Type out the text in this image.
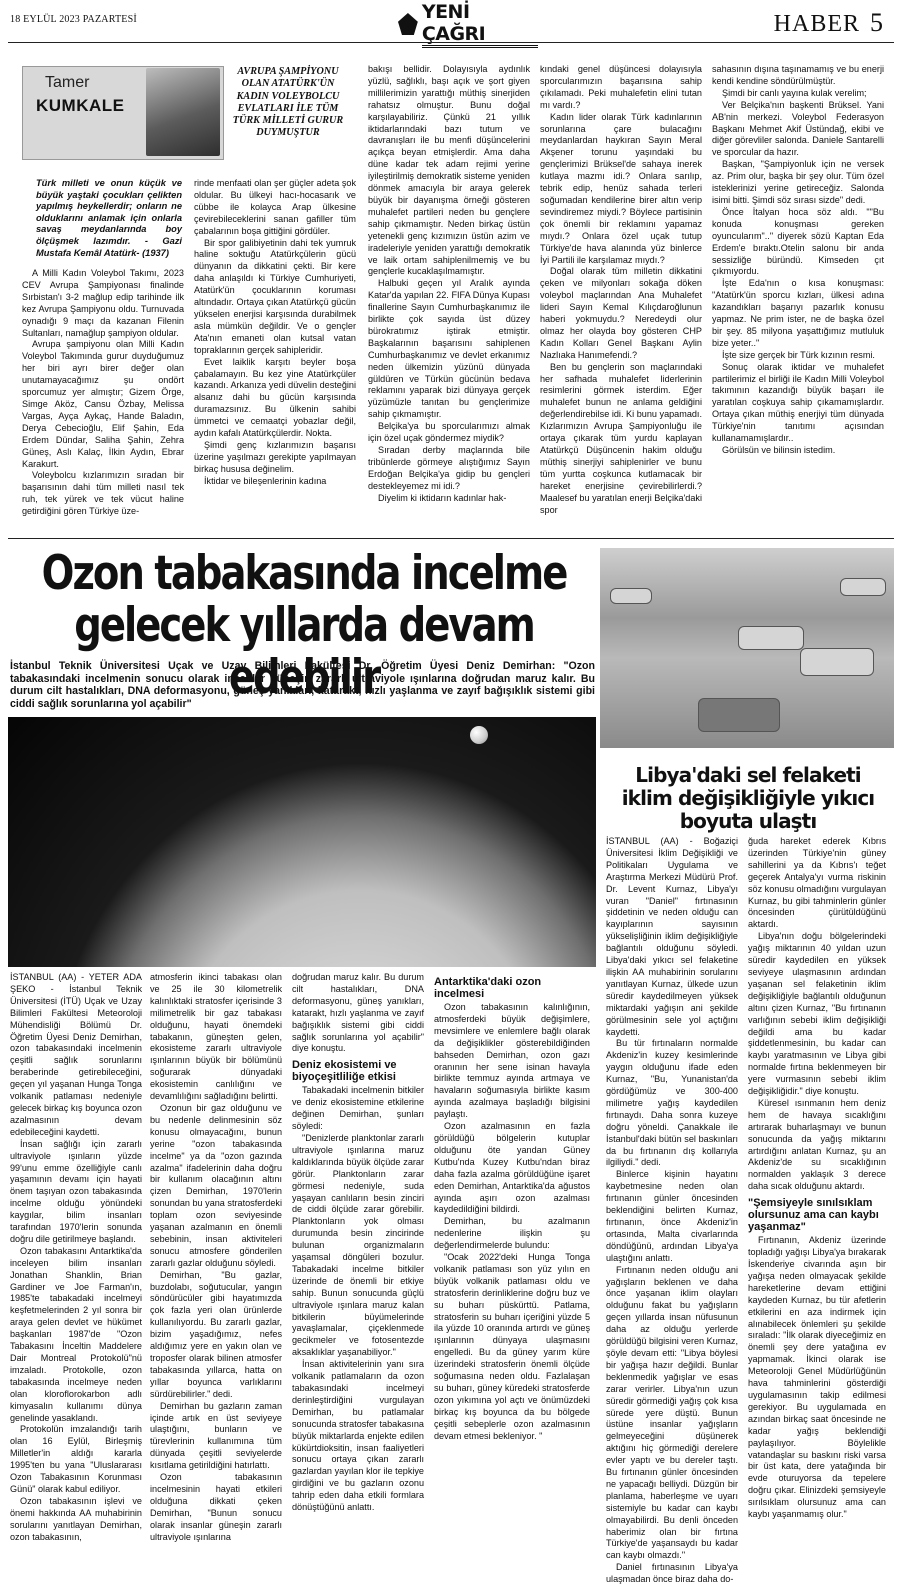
18 EYLÜL 2023 PAZARTESİ	YENİ ÇAĞRI	HABER 5
Tamer
KUMKALE
AVRUPA ŞAMPİYONU OLAN ATATÜRK'ÜN KADIN VOLEYBOLCU EVLATLARI İLE TÜM TÜRK MİLLETİ GURUR DUYMUŞTUR
Türk milleti ve onun küçük ve büyük yaştaki çocukları çelikten yapılmış heykellerdir; onların ne olduklarını anlamak için onlarla savaş meydanlarında boy ölçüşmek lazımdır. - Gazi Mustafa Kemâl Atatürk- (1937)

A Milli Kadın Voleybol Takımı, 2023 CEV Avrupa Şampiyonası finalinde Sırbistan'ı 3-2 mağlup edip tarihinde ilk kez Avrupa Şampiyonu oldu. Turnuvada oynadığı 9 maçı da kazanan Filenin Sultanları, namağlup şampiyon oldular.

Avrupa şampiyonu olan Milli Kadın Voleybol Takımında gurur duyduğumuz her biri ayrı birer değer olan unutamayacağımız şu ondört sporcumuz yer almıştır; Gizem Örge, Simge Aköz, Cansu Özbay, Melissa Vargas, Ayça Aykaç, Hande Baladın, Derya Cebecioğlu, Elif Şahin, Eda Erdem Dündar, Saliha Şahin, Zehra Güneş, Aslı Kalaç, İlkin Aydın, Ebrar Karakurt.

Voleybolcu kızlarımızın sıradan bir başarısının dahi tüm milleti nasıl tek ruh, tek yürek ve tek vücut haline getirdiğini gören Türkiye üze-

rinde menfaati olan şer güçler adeta şok oldular. Bu ülkeyi hacı-hocasarık ve cübbe ile kolayca Arap ülkesine çevirebileceklerini sanan gafiller tüm çabalarının boşa gittiğini gördüler.

Bir spor galibiyetinin dahi tek yumruk haline soktuğu Atatürkçülerin gücü dünyanın da dikkatini çekti. Bir kere daha anlaşıldı ki Türkiye Cumhuriyeti, Atatürk'ün çocuklarının koruması altındadır. Ortaya çıkan Atatürkçü gücün yükselen enerjisi karşısında durabilmek asla mümkün değildir. Ve o gençler Ata'nın emaneti olan kutsal vatan topraklarının gerçek sahipleridir.

Evet laiklik karşıtı beyler boşa çabalamayın. Bu kez yine Atatürkçüler kazandı. Arkanıza yedi düvelin desteğini alsanız dahi bu gücün karşısında duramazsınız. Bu ülkenin sahibi ümmetci ve cemaatçi yobazlar değil, aydın kafalı Atatürkçülerdir. Nokta.

Şimdi genç kızlarımızın başarısı üzerine yaşılmazı gerekipte yapılmayan birkaç hususa değinelim.

İktidar ve bileşenlerinin kadına

bakışı bellidir. Dolayısıyla aydınlık yüzlü, sağlıklı, başı açık ve şort giyen millilerimizin yarattığı müthiş sinerjiden rahatsız olmuştur. Bunu doğal karşılayabiliriz. Çünkü 21 yıllık iktidarlarındaki bazı tutum ve davranışları ile bu menfi düşüncelerini açıkça beyan etmişlerdir. Ama daha düne kadar tek adam rejimi yerine iyileştirilmiş demokratik sisteme yeniden dönmek amacıyla bir araya gelerek büyük bir dayanışma örneği gösteren muhalefet partileri neden bu gençlere sahip çıkmamıştır. Neden birkaç üstün yetenekli genç kızımızın üstün azim ve iradeleriyle yeniden yarattığı demokratik ve laik ortam sahiplenilmemiş ve bu gençlerle kucaklaşılmamıştır.

Halbuki geçen yıl Aralık ayında Katar'da yapılan 22. FIFA Dünya Kupası finallerine Sayın Cumhurbaşkanımız ile birlikte çok sayıda üst düzey bürokratımız iştirak etmiştir. Başkalarının başarısını sahiplenen Cumhurbaşkanımız ve devlet erkanımız neden ülkemizin yüzünü dünyada güldüren ve Türkün gücünün bedava reklamını yaparak bizi dünyaya gerçek yüzümüzle tanıtan bu gençlerimize sahip çıkmamıştır.

Belçika'ya bu sporcularımızı almak için özel uçak göndermez miydik?

Sıradan derby maçlarında bile tribünlerde görmeye alıştığımız Sayın Erdoğan Belçika'ya gidip bu gençleri destekleyemez mi idi.?

Diyelim ki iktidarın kadınlar hak-

kındaki genel düşüncesi dolayısıyla sporcularımızın başarısına sahip çıkılamadı. Peki muhalefetin elini tutan mı vardı.?

Kadın lider olarak Türk kadınlarının sorunlarına çare bulacağını meydanlardan haykıran Sayın Meral Akşener torunu yaşındaki bu gençlerimizi Brüksel'de sahaya inerek kutlaya mazmı idi.? Onlara sarılıp, tebrik edip, henüz sahada terleri soğumadan kendilerine birer altın verip sevindiremez miydi.? Böylece partisinin çok önemli bir reklamını yapamaz mıydı.? Onlara özel uçak tutup Türkiye'de hava alanında yüz binlerce İyi Partili ile karşılamaz mıydı.?

Doğal olarak tüm milletin dikkatini çeken ve milyonları sokağa döken voleybol maçlarından Ana Muhalefet lideri Sayın Kemal Kılıçdaroğlunun haberi yokmuydu.? Neredeydi olur olmaz her olayda boy gösteren CHP Kadın Kolları Genel Başkanı Aylin Nazlıaka Hanımefendi.?

Ben bu gençlerin son maçlarındaki her safhada muhalefet liderlerinin resimlerini görmek isterdim. Eğer muhalefet bunun ne anlama geldiğini değerlendirebilse idi. Ki bunu yapamadı. Kızlarımızın Avrupa Şampiyonluğu ile ortaya çıkarak tüm yurdu kaplayan Atatürkçü Düşüncenin hakim olduğu müthiş sinerjiyi sahiplenirler ve bunu tüm yurtta coşkunca kutlamacak bir hareket enerjisine çevirebilirlerdi.? Maalesef bu yaratılan enerji Belçika'daki spor

sahasının dışına taşınamamış ve bu enerji kendi kendine söndürülmüştür.

Şimdi bir canlı yayına kulak verelim;

Ver Belçika'nın başkenti Brüksel. Yani AB'nin merkezi. Voleybol Federasyon Başkanı Mehmet Akif Üstündağ, ekibi ve diğer görevliler salonda. Daniele Santarelli ve sporcular da hazır.

Başkan, "Şampiyonluk için ne versek az. Prim olur, başka bir şey olur. Tüm özel isteklerinizi yerine getireceğiz. Salonda isimi bitti. Şimdi söz sırası sizde" dedi.

Önce İtalyan hoca söz aldı. ""Bu konuda konuşması gereken oyuncularım".." diyerek sözü Kaptan Eda Erdem'e bıraktı.Otelin salonu bir anda sessizliğe büründü. Kimseden çıt çıkmıyordu.

İşte Eda'nın o kısa konuşması: "Atatürk'ün sporcu kızları, ülkesi adına kazandıkları başarıyı pazarlık konusu yapmaz. Ne prim ister, ne de başka özel bir şey. 85 milyona yaşattığımız mutluluk bize yeter.."

İşte size gerçek bir Türk kızının resmi.

Sonuç olarak iktidar ve muhalefet partilerimiz el birliği ile Kadın Milli Voleybol takımının kazandığı büyük başarı ile yaratılan coşkuya sahip çıkamamışlardır. Ortaya çıkan müthiş enerjiyi tüm dünyada Türkiye'nin tanıtımı açısından kullanamamışlardır..

Görülsün ve bilinsin istedim.

Ozon tabakasında incelme gelecek yıllarda devam edebilir
İstanbul Teknik Üniversitesi Uçak ve Uzay Bilimleri Fakültesi Dr. Öğretim Üyesi Deniz Demirhan: "Ozon tabakasındaki incelmenin sonucu olarak insanlar güneşin zararlı ultraviyole ışınlarına doğrudan maruz kalır. Bu durum cilt hastalıkları, DNA deformasyonu, güneş yanıkları, katarakt, hızlı yaşlanma ve zayıf bağışıklık sistemi gibi ciddi sağlık sorunlarına yol açabilir"

İSTANBUL (AA) - YETER ADA ŞEKO - İstanbul Teknik Üniversitesi (İTÜ) Uçak ve Uzay Bilimleri Fakültesi Meteoroloji Mühendisliği Bölümü Dr. Öğretim Üyesi Deniz Demirhan, ozon tabakasındaki incelmenin çeşitli sağlık sorunlarını beraberinde getirebileceğini, geçen yıl yaşanan Hunga Tonga volkanik patlaması nedeniyle gelecek birkaç kış boyunca ozon azalmasının devam edebileceğini kaydetti.

İnsan sağlığı için zararlı ultraviyole ışınların yüzde 99'unu emme özelliğiyle canlı yaşamının devamı için hayati önem taşıyan ozon tabakasında incelme olduğu yönündeki kaygılar, bilim insanları tarafından 1970'lerin sonunda doğru dile getirilmeye başlandı.

Ozon tabakasını Antarktika'da inceleyen bilim insanları Jonathan Shanklin, Brian Gardiner ve Joe Farman'ın, 1985'te tabakadaki incelmeyi keşfetmelerinden 2 yıl sonra bir araya gelen devlet ve hükümet başkanları 1987'de "Ozon Tabakasını İnceltin Maddelere Dair Montreal Protokolü"nü imzaladı. Protokolle, ozon tabakasında incelmeye neden olan kloroflorokarbon adlı kimyasalın kullanımı dünya genelinde yasaklandı.

Protokolün imzalandığı tarih olan 16 Eylül, Birleşmiş Milletler'in aldığı kararla 1995'ten bu yana "Uluslararası Ozon Tabakasının Korunması Günü" olarak kabul ediliyor.

Ozon tabakasının işlevi ve önemi hakkında AA muhabirinin sorularını yanıtlayan Demirhan, ozon tabakasının,

atmosferin ikinci tabakası olan ve 25 ile 30 kilometrelik kalınlıktaki stratosfer içerisinde 3 milimetrelik bir gaz tabakası olduğunu, hayati önemdeki tabakanın, güneşten gelen, ekosisteme zararlı ultraviyole ışınlarının büyük bir bölümünü soğurarak dünyadaki ekosistemin canlılığını ve devamlılığını sağladığını belirtti.

Ozonun bir gaz olduğunu ve bu nedenle delinmesinin söz konusu olmayacağını, bunun yerine "ozon tabakasında incelme" ya da "ozon gazında azalma" ifadelerinin daha doğru bir kullanım olacağının altını çizen Demirhan, 1970'lerin sonundan bu yana stratosferdeki toplam ozon seviyesinde yaşanan azalmanın en önemli sebebinin, insan aktiviteleri sonucu atmosfere gönderilen zararlı gazlar olduğunu söyledi.

Demirhan, "Bu gazlar, buzdolabı, soğutucular, yangın söndürücüler gibi hayatımızda çok fazla yeri olan ürünlerde kullanılıyordu. Bu zararlı gazlar, bizim yaşadığımız, nefes aldığımız yere en yakın olan ve troposfer olarak bilinen atmosfer tabakasında yıllarca, hatta on yıllar boyunca varlıklarını sürdürebilirler." dedi.

Demirhan bu gazların zaman içinde artık en üst seviyeye ulaştığını, bunların ve türevlerinin kullanımına tüm dünyada çeşitli seviyelerde kısıtlama getirildiğini hatırlattı.

Ozon tabakasının incelmesinin hayati etkileri olduğuna dikkati çeken Demirhan, "Bunun sonucu olarak insanlar güneşin zararlı ultraviyole ışınlarına

doğrudan maruz kalır. Bu durum cilt hastalıkları, DNA deformasyonu, güneş yanıkları, katarakt, hızlı yaşlanma ve zayıf bağışıklık sistemi gibi ciddi sağlık sorunlarına yol açabilir" diye konuştu.

Deniz ekosistemi ve biyoçeşitliliğe etkisi

Tabakadaki incelmenin bitkiler ve deniz ekosistemine etkilerine değinen Demirhan, şunları söyledi:

"Denizlerde planktonlar zararlı ultraviyole ışınlarına maruz kaldıklarında büyük ölçüde zarar görür. Planktonların zarar görmesi nedeniyle, suda yaşayan canlıların besin zinciri de ciddi ölçüde zarar görebilir. Planktonların yok olması durumunda besin zincirinde bulunan organizmaların yaşamsal döngüleri bozulur. Tabakadaki incelme bitkiler üzerinde de önemli bir etkiye sahip. Bunun sonucunda güçlü ultraviyole ışınlara maruz kalan bitkilerin büyümelerinde yavaşlamalar, çiçeklenmede gecikmeler ve fotosentezde aksaklıklar yaşanabiliyor."

İnsan aktivitelerinin yanı sıra volkanik patlamaların da ozon tabakasındaki incelmeyi derinleştirdiğini vurgulayan Demirhan, bu patlamalar sonucunda stratosfer tabakasına büyük miktarlarda enjekte edilen kükürtdioksitin, insan faaliyetleri sonucu ortaya çıkan zararlı gazlardan yayılan klor ile tepkiye girdiğini ve bu gazların ozonu tahrip eden daha etkili formlara dönüştüğünü anlattı.

Antarktika'daki ozon incelmesi

Ozon tabakasının kalınlığının, atmosferdeki büyük değişimlere, mevsimlere ve enlemlere bağlı olarak da değişiklikler gösterebildiğinden bahseden Demirhan, ozon gazı oranının her sene isinan havayla birlikte temmuz ayında artmaya ve havaların soğumasıyla birlikte kasım ayında azalmaya başladığı bilgisini paylaştı.

Ozon azalmasının en fazla görüldüğü bölgelerin kutuplar olduğunu öte yandan Güney Kutbu'nda Kuzey Kutbu'ndan biraz daha fazla azalma görüldüğüne işaret eden Demirhan, Antarktika'da ağustos ayında aşırı ozon azalması kaydedildiğini bildirdi.

Demirhan, bu azalmanın nedenlerine ilişkin şu değerlendirmelerde bulundu:

"Ocak 2022'deki Hunga Tonga volkanik patlaması son yüz yılın en büyük volkanik patlaması oldu ve stratosferin derinliklerine doğru buz ve su buharı püskürttü. Patlama, stratosferin su buharı içeriğini yüzde 5 ila yüzde 10 oranında artırdı ve güneş ışınlarının dünyaya ulaşmasını engelledi. Bu da güney yarım küre üzerindeki stratosferin önemli ölçüde soğumasına neden oldu. Fazlalaşan su buharı, güney küredeki stratosferde ozon yıkımına yol açtı ve önümüzdeki birkaç kış boyunca da bu bölgede çeşitli sebeplerle ozon azalmasının devam etmesi bekleniyor. "

Libya'daki sel felaketi iklim değişikliğiyle yıkıcı boyuta ulaştı

İSTANBUL (AA) - Boğaziçi Üniversitesi İklim Değişikliği ve Politikaları Uygulama ve Araştırma Merkezi Müdürü Prof. Dr. Levent Kurnaz, Libya'yı vuran "Daniel" fırtınasının şiddetinin ve neden olduğu can kayıplarının sayısının yükselişliğinin iklim değişikliğiyle bağlantılı olduğunu söyledi. Libya'daki yıkıcı sel felaketine ilişkin AA muhabirinin sorularını yanıtlayan Kurnaz, ülkede uzun süredir kaydedilmeyen yüksek miktardaki yağışın ani şekilde görülmesinin sele yol açtığını kaydetti.

Bu tür fırtınaların normalde Akdeniz'in kuzey kesimlerinde yaygın olduğunu ifade eden Kurnaz, "Bu, Yunanistan'da gördüğümüz ve 300-400 milimetre yağış kaydedilen fırtınaydı. Daha sonra kuzeye doğru yöneldi. Çanakkale ile İstanbul'daki bütün sel baskınları da bu fırtınanın dış kollarıyla ilgiliydi." dedi.

Binlerce kişinin hayatını kaybetmesine neden olan fırtınanın günler öncesinden beklendiğini belirten Kurnaz, fırtınanın, önce Akdeniz'in ortasında, Malta civarlarında döndüğünü, ardından Libya'ya ulaştığını anlattı.

Fırtınanın neden olduğu ani yağışların beklenen ve daha önce yaşanan iklim olayları olduğunu fakat bu yağışların geçen yıllarda insan nüfusunun daha az olduğu yerlerde görüldüğü bilgisini veren Kurnaz, şöyle devam etti: "Libya böylesi bir yağışa hazır değildi. Bunlar beklenmedik yağışlar ve esas zarar verirler. Libya'nın uzun süredir görmediği yağış çok kısa sürede yere düştü. Bunun üstüne insanlar yağışların gelmeyeceğini düşünerek aktığını hiç görmediği derelere evler yaptı ve bu dereler taştı. Bu fırtınanın günler öncesinden ne yapacağı belliydi. Düzgün bir planlama, haberleşme ve uyarı sistemiyle bu kadar can kaybı olmayabilirdi. Bu denli önceden haberimiz olan bir fırtına Türkiye'de yaşansaydı bu kadar can kaybı olmazdı."

Daniel fırtınasının Libya'ya ulaşmadan önce biraz daha do-

ğuda hareket ederek Kıbrıs üzerinden Türkiye'nin güney sahillerini ya da Kıbrıs'ı teğet geçerek Antalya'yı vurma riskinin söz konusu olmadığını vurgulayan Kurnaz, bu gibi tahminlerin günler öncesinden çürütüldüğünü aktardı.

Libya'nın doğu bölgelerindeki yağış miktarının 40 yıldan uzun süredir kaydedilen en yüksek seviyeye ulaşmasının ardından yaşanan sel felaketinin iklim değişikliğiyle bağlantılı olduğunun altını çizen Kurnaz, "Bu fırtınanın varlığının sebebi iklim değişikliği değildi ama bu kadar şiddetlenmesinin, bu kadar can kaybı yaratmasının ve Libya gibi normalde fırtına beklenmeyen bir yere vurmasının sebebi iklim değişikliğidir." diye konuştu.

Küresel ısınmanın hem deniz hem de havaya sıcaklığını artırarak buharlaşmayı ve bunun sonucunda da yağış miktarını artırdığını anlatan Kurnaz, şu an Akdeniz'de su sıcaklığının normalden yaklaşık 3 derece daha sıcak olduğunu aktardı.

"Şemsiyeyle sınılsıklam olursunuz ama can kaybı yaşanmaz"

Fırtınanın, Akdeniz üzerinde topladığı yağışı Libya'ya bırakarak İskenderiye civarında aşın bir yağışa neden olmayacak şekilde hareketlerine devam ettiğini kaydeden Kurnaz, bu tür afetlerin etkilerini en aza indirmek için alınabilecek önlemleri şu şekilde sıraladı: "İlk olarak diyeceğimiz en önemli şey dere yatağına ev yapmamak. İkinci olarak ise Meteoroloji Genel Müdürlüğünün hava tahminlerini gösterdiği uygulamasının takip edilmesi gerekiyor. Bu uygulamada en azından birkaç saat öncesinde ne kadar yağış beklendiği paylaşılıyor. Böylelikle vatandaşlar su baskını riski varsa bir üst kata, dere yatağında bir evde oturuyorsa da tepelere doğru çıkar. Elinizdeki şemsiyeyle sırılsıklam olursunuz ama can kaybı yaşanmamış olur."
